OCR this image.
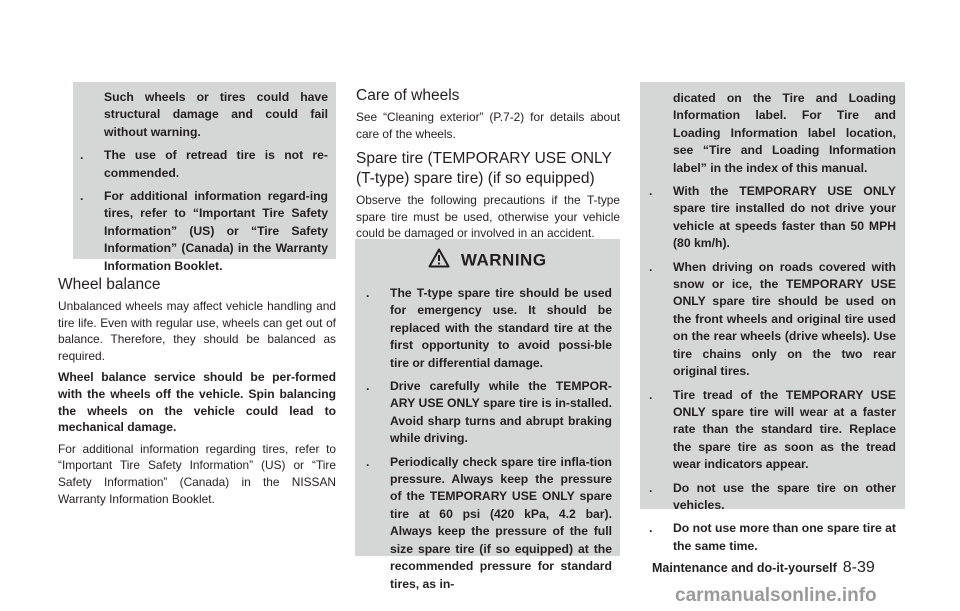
Such wheels or tires could have structural damage and could fail without warning.
. The use of retread tire is not re-commended.
. For additional information regard-ing tires, refer to “Important Tire Safety Information” (US) or “Tire Safety Information” (Canada) in the Warranty Information Booklet.
Wheel balance

Unbalanced wheels may affect vehicle handling and tire life. Even with regular use, wheels can get out of balance. Therefore, they should be balanced as required.

Wheel balance service should be per-formed with the wheels off the vehicle. Spin balancing the wheels on the vehicle could lead to mechanical damage.

For additional information regarding tires, refer to “Important Tire Safety Information” (US) or “Tire Safety Information” (Canada) in the NISSAN Warranty Information Booklet.

Care of wheels

See “Cleaning exterior” (P.7-2) for details about care of the wheels.

Spare tire (TEMPORARY USE ONLY (T-type) spare tire) (if so equipped)

Observe the following precautions if the T-type spare tire must be used, otherwise your vehicle could be damaged or involved in an accident.

WARNING
. The T-type spare tire should be used for emergency use. It should be replaced with the standard tire at the first opportunity to avoid possi-ble tire or differential damage.
. Drive carefully while the TEMPOR-ARY USE ONLY spare tire is in-stalled. Avoid sharp turns and abrupt braking while driving.
. Periodically check spare tire infla-tion pressure. Always keep the pressure of the TEMPORARY USE ONLY spare tire at 60 psi (420 kPa, 4.2 bar). Always keep the pressure of the full size spare tire (if so equipped) at the recommended pressure for standard tires, as in-
dicated on the Tire and Loading Information label. For Tire and Loading Information label location, see “Tire and Loading Information label” in the index of this manual.
. With the TEMPORARY USE ONLY spare tire installed do not drive your vehicle at speeds faster than 50 MPH (80 km/h).
. When driving on roads covered with snow or ice, the TEMPORARY USE ONLY spare tire should be used on the front wheels and original tire used on the rear wheels (drive wheels). Use tire chains only on the two rear original tires.
. Tire tread of the TEMPORARY USE ONLY spare tire will wear at a faster rate than the standard tire. Replace the spare tire as soon as the tread wear indicators appear.
. Do not use the spare tire on other vehicles.
. Do not use more than one spare tire at the same time.
Maintenance and do-it-yourself 8-39
carmanualsonline.info
